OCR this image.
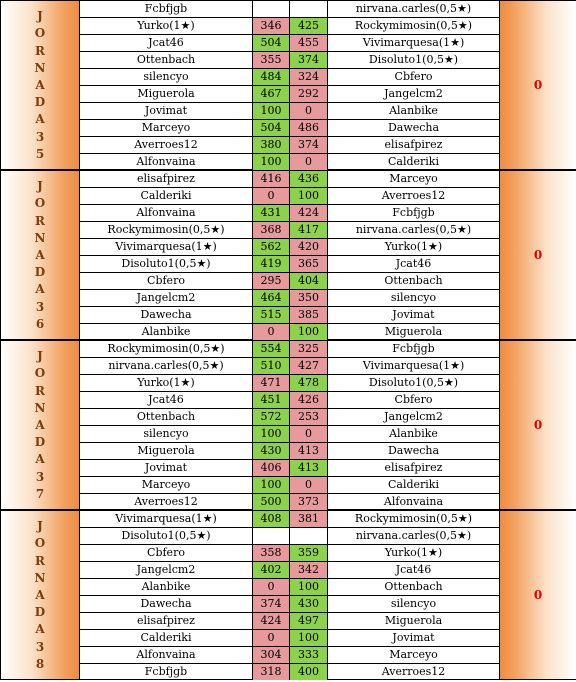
J
O
R
N
A
D
A
3
5
Fcbfjgb	nirvana.carles(0,5★)
Yurko(1★)	346	425	Rockymimosin(0,5★)
Jcat46	504	455	Vivimarquesa(1★)
Ottenbach	355	374	Disoluto1(0,5★)
silencyo	484	324	Cbfero
Miguerola	467	292	Jangelcm2
Jovimat	100	0	Alanbike
Marceyo	504	486	Dawecha
Averroes12	380	374	elisafpirez
Alfonvaina	100	0	Calderiki
0
J
O
R
N
A
D
A
3
6
elisafpirez	416	436	Marceyo
Calderiki	0	100	Averroes12
Alfonvaina	431	424	Fcbfjgb
Rockymimosin(0,5★)	368	417	nirvana.carles(0,5★)
Vivimarquesa(1★)	562	420	Yurko(1★)
Disoluto1(0,5★)	419	365	Jcat46
Cbfero	295	404	Ottenbach
Jangelcm2	464	350	silencyo
Dawecha	515	385	Jovimat
Alanbike	0	100	Miguerola
0
J
O
R
N
A
D
A
3
7
Rockymimosin(0,5★)	554	325	Fcbfjgb
nirvana.carles(0,5★)	510	427	Vivimarquesa(1★)
Yurko(1★)	471	478	Disoluto1(0,5★)
Jcat46	451	426	Cbfero
Ottenbach	572	253	Jangelcm2
silencyo	100	0	Alanbike
Miguerola	430	413	Dawecha
Jovimat	406	413	elisafpirez
Marceyo	100	0	Calderiki
Averroes12	500	373	Alfonvaina
0
J
O
R
N
A
D
A
3
8
Vivimarquesa(1★)	408	381	Rockymimosin(0,5★)
Disoluto1(0,5★)	nirvana.carles(0,5★)
Cbfero	358	359	Yurko(1★)
Jangelcm2	402	342	Jcat46
Alanbike	0	100	Ottenbach
Dawecha	374	430	silencyo
elisafpirez	424	497	Miguerola
Calderiki	0	100	Jovimat
Alfonvaina	304	333	Marceyo
Fcbfjgb	318	400	Averroes12
0
